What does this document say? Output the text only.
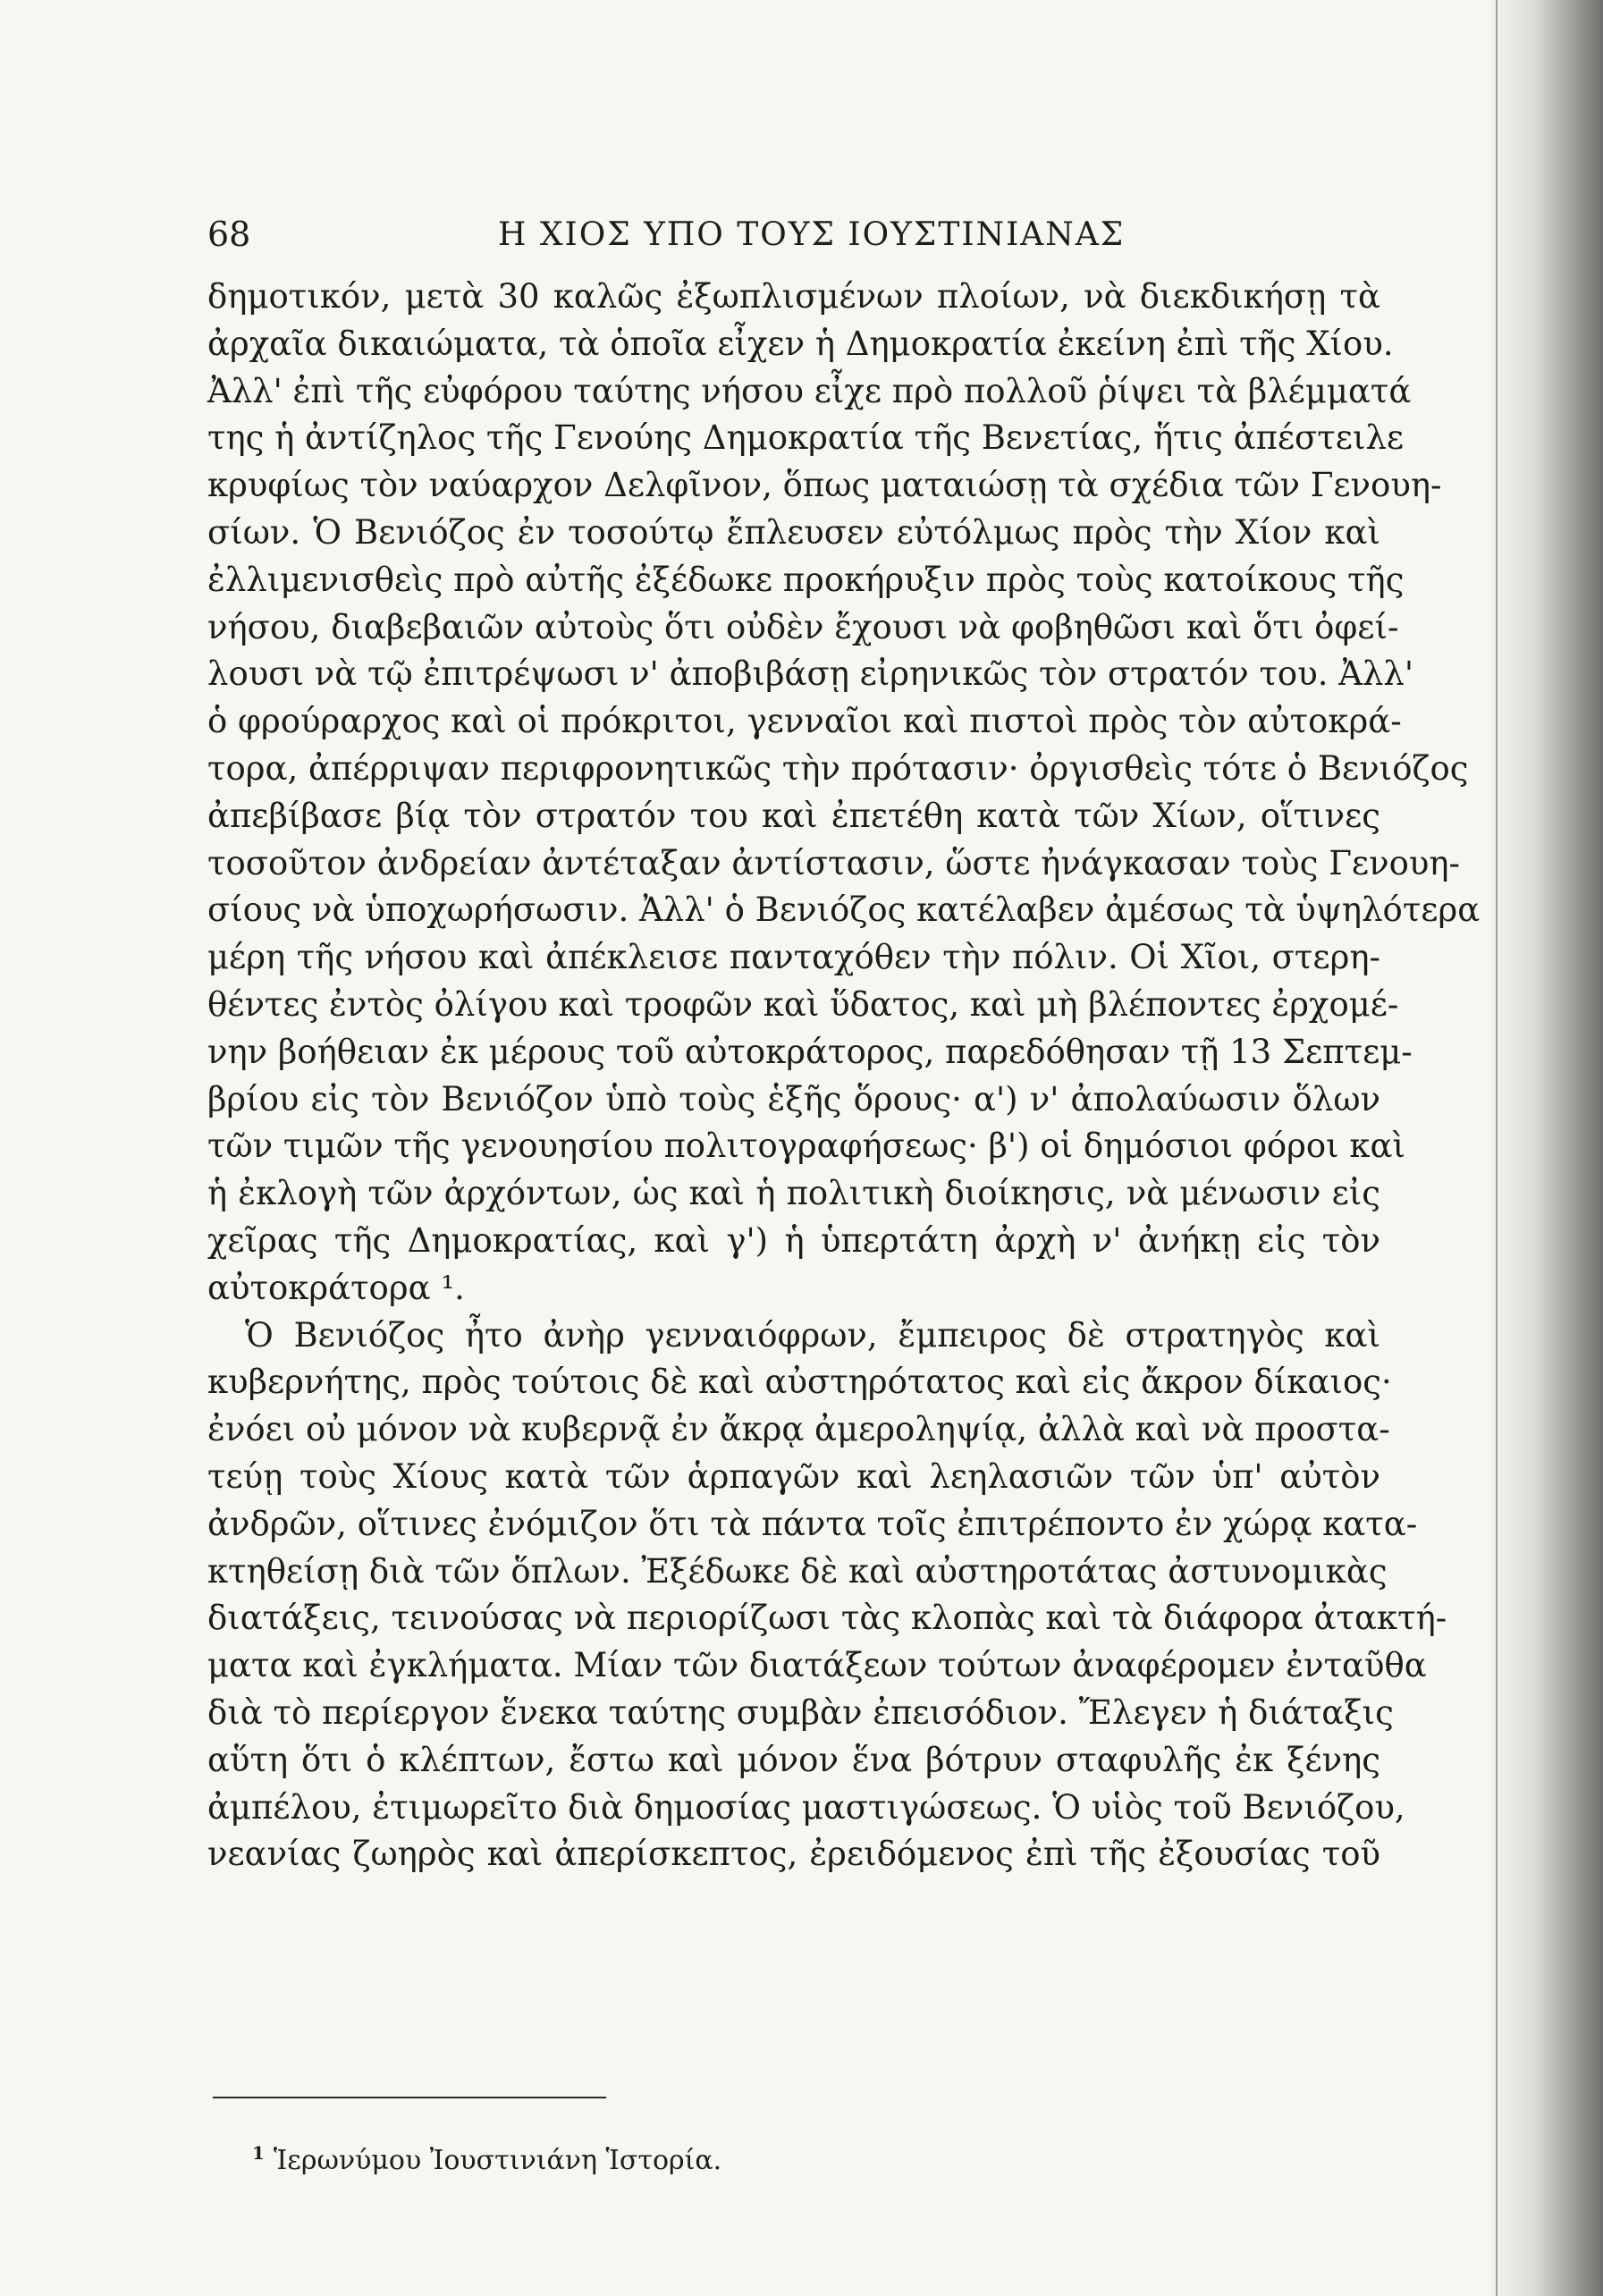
68	Η ΧΙΟΣ ΥΠΟ ΤΟΥΣ ΙΟΥΣΤΙΝΙΑΝΑΣ
δημοτικόν, μετὰ 30 καλῶς ἐξωπλισμένων πλοίων, νὰ διεκδικήσῃ τὰ
ἀρχαῖα δικαιώματα, τὰ ὁποῖα εἶχεν ἡ Δημοκρατία ἐκείνη ἐπὶ τῆς Χίου.
Ἀλλ' ἐπὶ τῆς εὐφόρου ταύτης νήσου εἶχε πρὸ πολλοῦ ῥίψει τὰ βλέμματά
της ἡ ἀντίζηλος τῆς Γενούης Δημοκρατία τῆς Βενετίας, ἥτις ἀπέστειλε
κρυφίως τὸν ναύαρχον Δελφῖνον, ὅπως ματαιώσῃ τὰ σχέδια τῶν Γενουη-
σίων. Ὁ Βενιόζος ἐν τοσούτῳ ἔπλευσεν εὐτόλμως πρὸς τὴν Χίον καὶ
ἐλλιμενισθεὶς πρὸ αὐτῆς ἐξέδωκε προκήρυξιν πρὸς τοὺς κατοίκους τῆς
νήσου, διαβεβαιῶν αὐτοὺς ὅτι οὐδὲν ἔχουσι νὰ φοβηθῶσι καὶ ὅτι ὀφεί-
λουσι νὰ τῷ ἐπιτρέψωσι ν' ἀποβιβάσῃ εἰρηνικῶς τὸν στρατόν του. Ἀλλ'
ὁ φρούραρχος καὶ οἱ πρόκριτοι, γενναῖοι καὶ πιστοὶ πρὸς τὸν αὐτοκρά-
τορα, ἀπέρριψαν περιφρονητικῶς τὴν πρότασιν· ὀργισθεὶς τότε ὁ Βενιόζος
ἀπεβίβασε βίᾳ τὸν στρατόν του καὶ ἐπετέθη κατὰ τῶν Χίων, οἵτινες
τοσοῦτον ἀνδρείαν ἀντέταξαν ἀντίστασιν, ὥστε ἠνάγκασαν τοὺς Γενουη-
σίους νὰ ὑποχωρήσωσιν. Ἀλλ' ὁ Βενιόζος κατέλαβεν ἀμέσως τὰ ὑψηλότερα
μέρη τῆς νήσου καὶ ἀπέκλεισε πανταχόθεν τὴν πόλιν. Οἱ Χῖοι, στερη-
θέντες ἐντὸς ὀλίγου καὶ τροφῶν καὶ ὕδατος, καὶ μὴ βλέποντες ἐρχομέ-
νην βοήθειαν ἐκ μέρους τοῦ αὐτοκράτορος, παρεδόθησαν τῇ 13 Σεπτεμ-
βρίου εἰς τὸν Βενιόζον ὑπὸ τοὺς ἑξῆς ὅρους· α') ν' ἀπολαύωσιν ὅλων
τῶν τιμῶν τῆς γενουησίου πολιτογραφήσεως· β') οἱ δημόσιοι φόροι καὶ
ἡ ἐκλογὴ τῶν ἀρχόντων, ὡς καὶ ἡ πολιτικὴ διοίκησις, νὰ μένωσιν εἰς
χεῖρας τῆς Δημοκρατίας, καὶ γ') ἡ ὑπερτάτη ἀρχὴ ν' ἀνήκῃ εἰς τὸν
αὐτοκράτορα ¹.
Ὁ Βενιόζος ἦτο ἀνὴρ γενναιόφρων, ἔμπειρος δὲ στρατηγὸς καὶ
κυβερνήτης, πρὸς τούτοις δὲ καὶ αὐστηρότατος καὶ εἰς ἄκρον δίκαιος·
ἐνόει οὐ μόνον νὰ κυβερνᾷ ἐν ἄκρᾳ ἀμεροληψίᾳ, ἀλλὰ καὶ νὰ προστα-
τεύῃ τοὺς Χίους κατὰ τῶν ἁρπαγῶν καὶ λεηλασιῶν τῶν ὑπ' αὐτὸν
ἀνδρῶν, οἵτινες ἐνόμιζον ὅτι τὰ πάντα τοῖς ἐπιτρέποντο ἐν χώρᾳ κατα-
κτηθείσῃ διὰ τῶν ὅπλων. Ἐξέδωκε δὲ καὶ αὐστηροτάτας ἀστυνομικὰς
διατάξεις, τεινούσας νὰ περιορίζωσι τὰς κλοπὰς καὶ τὰ διάφορα ἀτακτή-
ματα καὶ ἐγκλήματα. Μίαν τῶν διατάξεων τούτων ἀναφέρομεν ἐνταῦθα
διὰ τὸ περίεργον ἕνεκα ταύτης συμβὰν ἐπεισόδιον. Ἔλεγεν ἡ διάταξις
αὕτη ὅτι ὁ κλέπτων, ἔστω καὶ μόνον ἕνα βότρυν σταφυλῆς ἐκ ξένης
ἀμπέλου, ἐτιμωρεῖτο διὰ δημοσίας μαστιγώσεως. Ὁ υἱὸς τοῦ Βενιόζου,
νεανίας ζωηρὸς καὶ ἀπερίσκεπτος, ἐρειδόμενος ἐπὶ τῆς ἐξουσίας τοῦ
$^1$ Ἱερωνύμου Ἰουστινιάνη Ἱστορία.
